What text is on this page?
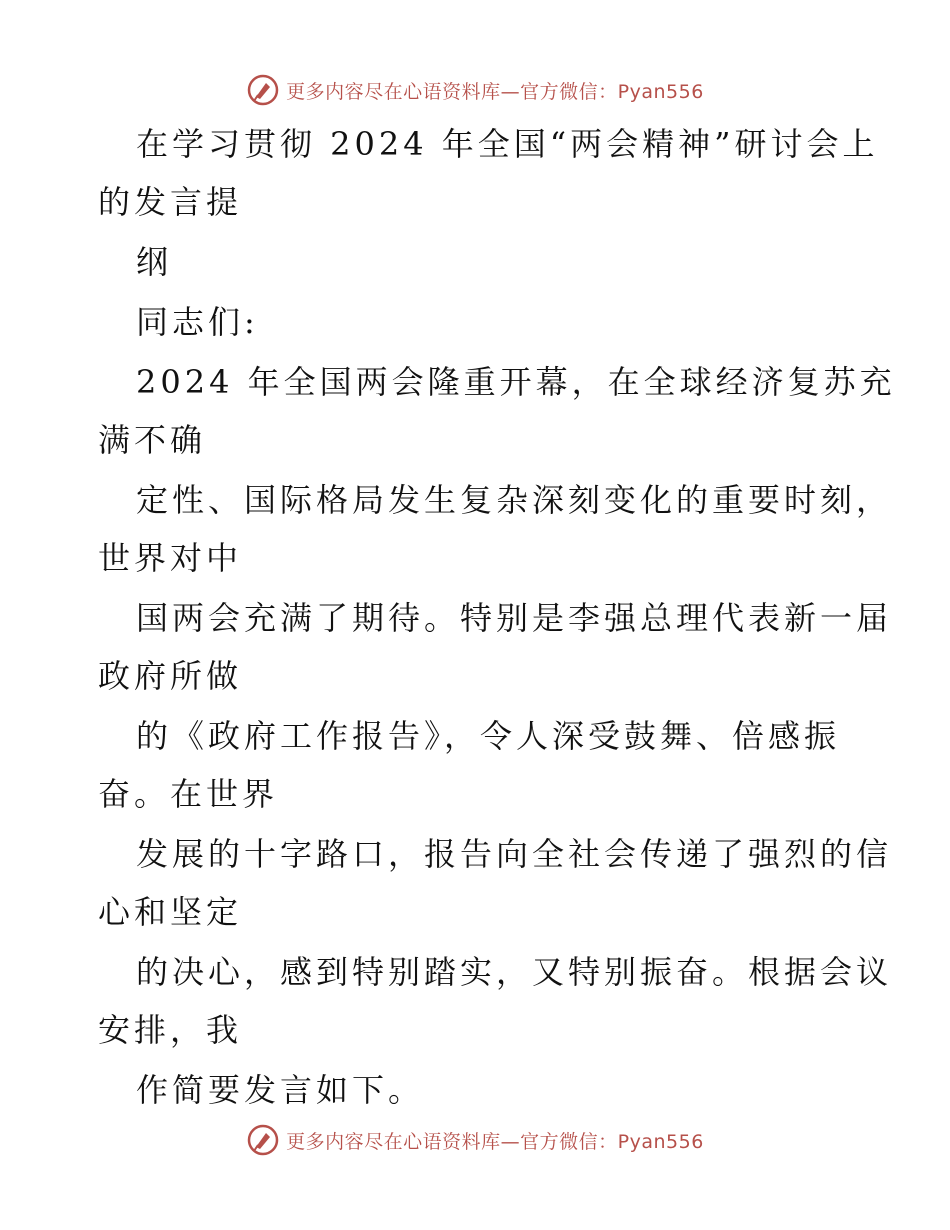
更多内容尽在心语资料库—官方微信：Pyan556
在学习贯彻 2024 年全国“两会精神”研讨会上
的发言提
纲
同志们:
2024 年全国两会隆重开幕，在全球经济复苏充
满不确
定性、国际格局发生复杂深刻变化的重要时刻，
世界对中
国两会充满了期待。特别是李强总理代表新一届
政府所做
的《政府工作报告》，令人深受鼓舞、倍感振
奋。在世界
发展的十字路口，报告向全社会传递了强烈的信
心和坚定
的决心，感到特别踏实，又特别振奋。根据会议
安排，我
作简要发言如下。
更多内容尽在心语资料库—官方微信：Pyan556
